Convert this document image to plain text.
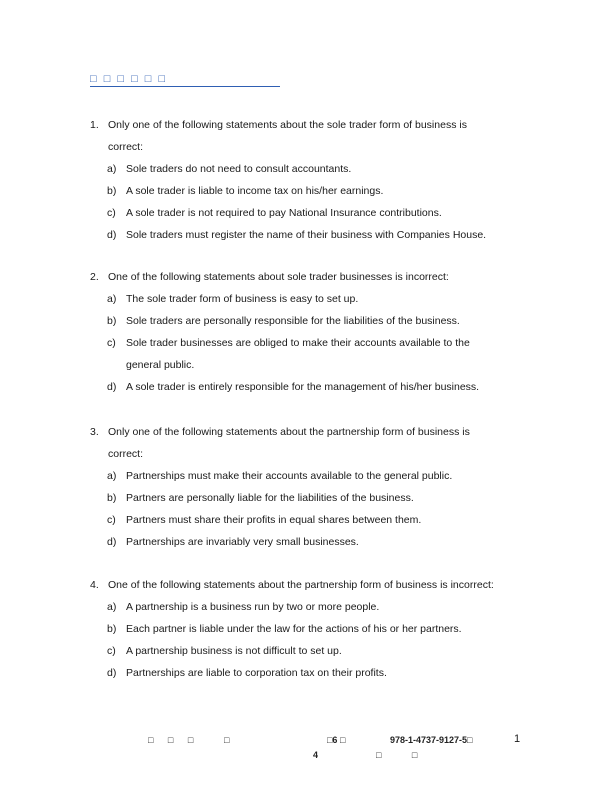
□ □ □ □ □ □
1. Only one of the following statements about the sole trader form of business is
correct:
a) Sole traders do not need to consult accountants.
b) A sole trader is liable to income tax on his/her earnings.
c) A sole trader is not required to pay National Insurance contributions.
d) Sole traders must register the name of their business with Companies House.
2. One of the following statements about sole trader businesses is incorrect:
a) The sole trader form of business is easy to set up.
b) Sole traders are personally responsible for the liabilities of the business.
c) Sole trader businesses are obliged to make their accounts available to the
general public.
d) A sole trader is entirely responsible for the management of his/her business.
3. Only one of the following statements about the partnership form of business is
correct:
a) Partnerships must make their accounts available to the general public.
b) Partners are personally liable for the liabilities of the business.
c) Partners must share their profits in equal shares between them.
d) Partnerships are invariably very small businesses.
4. One of the following statements about the partnership form of business is incorrect:
a) A partnership is a business run by two or more people.
b) Each partner is liable under the law for the actions of his or her partners.
c) A partnership business is not difficult to set up.
d) Partnerships are liable to corporation tax on their profits.
□ □ □	□	□6 □
4
978-1-4737-9127-5□
□ □
1
